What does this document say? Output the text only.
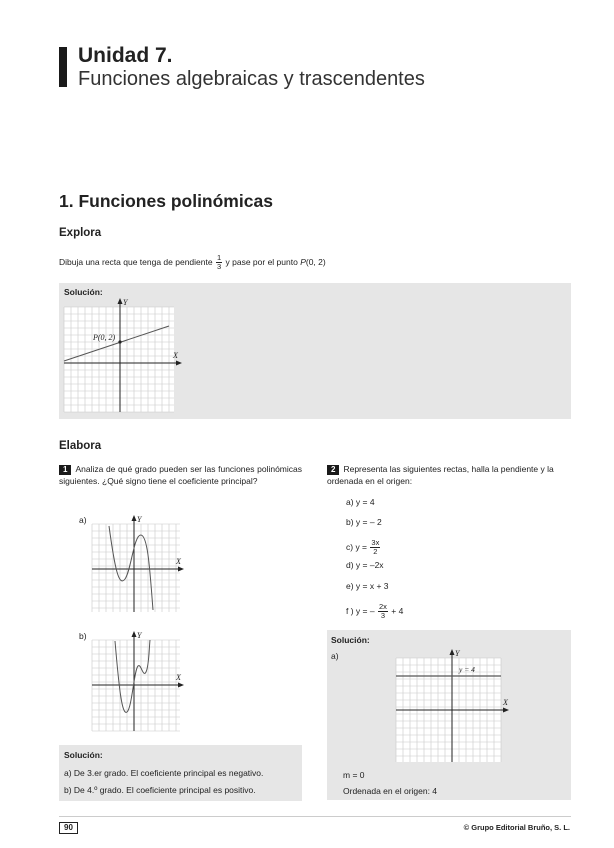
Unidad 7.
Funciones algebraicas y trascendentes
1. Funciones polinómicas
Explora
Dibuja una recta que tenga de pendiente $\frac{1}{3}$ y pase por el punto P(0, 2)
Solución:
P(0, 2)
X
Y
Elabora
1 Analiza de qué grado pueden ser las funciones polinómicas siguientes. ¿Qué signo tiene el coeficiente principal?
a)
X
Y
b)
X
Y
Solución:
a) De 3.er grado. El coeficiente principal es negativo.
b) De 4.º grado. El coeficiente principal es positivo.
2 Representa las siguientes rectas, halla la pendiente y la ordenada en el origen:
a) y = 4
b) y = – 2
c) $y = \frac{3x}{2}$
d) y = –2x
e) y = x + 3
f ) y = – $\frac{2x}{3} + 4$
Solución:
a)
y = 4
X
Y
m = 0
Ordenada en el origen: 4
90	© Grupo Editorial Bruño, S. L.
